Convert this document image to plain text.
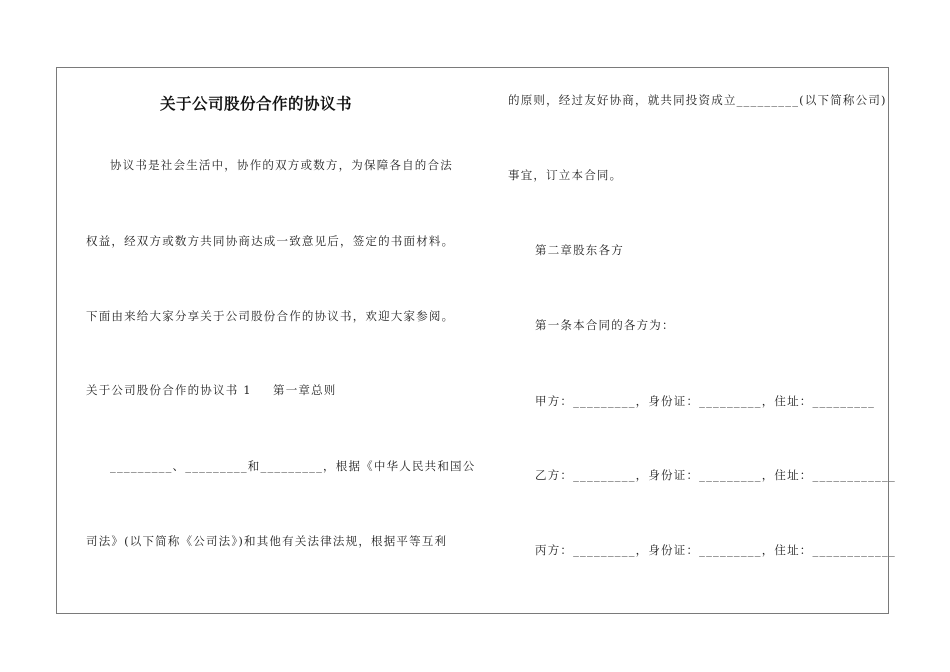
关于公司股份合作的协议书
协议书是社会生活中，协作的双方或数方，为保障各自的合法
权益，经双方或数方共同协商达成一致意见后，签定的书面材料。
下面由来给大家分享关于公司股份合作的协议书，欢迎大家参阅。
关于公司股份合作的协议书 1 第一章总则
_________、_________和_________，根据《中华人民共和国公
司法》(以下简称《公司法》)和其他有关法律法规，根据平等互利
的原则，经过友好协商，就共同投资成立_________(以下简称公司)
事宜，订立本合同。
第二章股东各方
第一条本合同的各方为：
甲方：_________，身份证：_________，住址：_________
乙方：_________，身份证：_________，住址：____________
丙方：_________，身份证：_________，住址：____________
